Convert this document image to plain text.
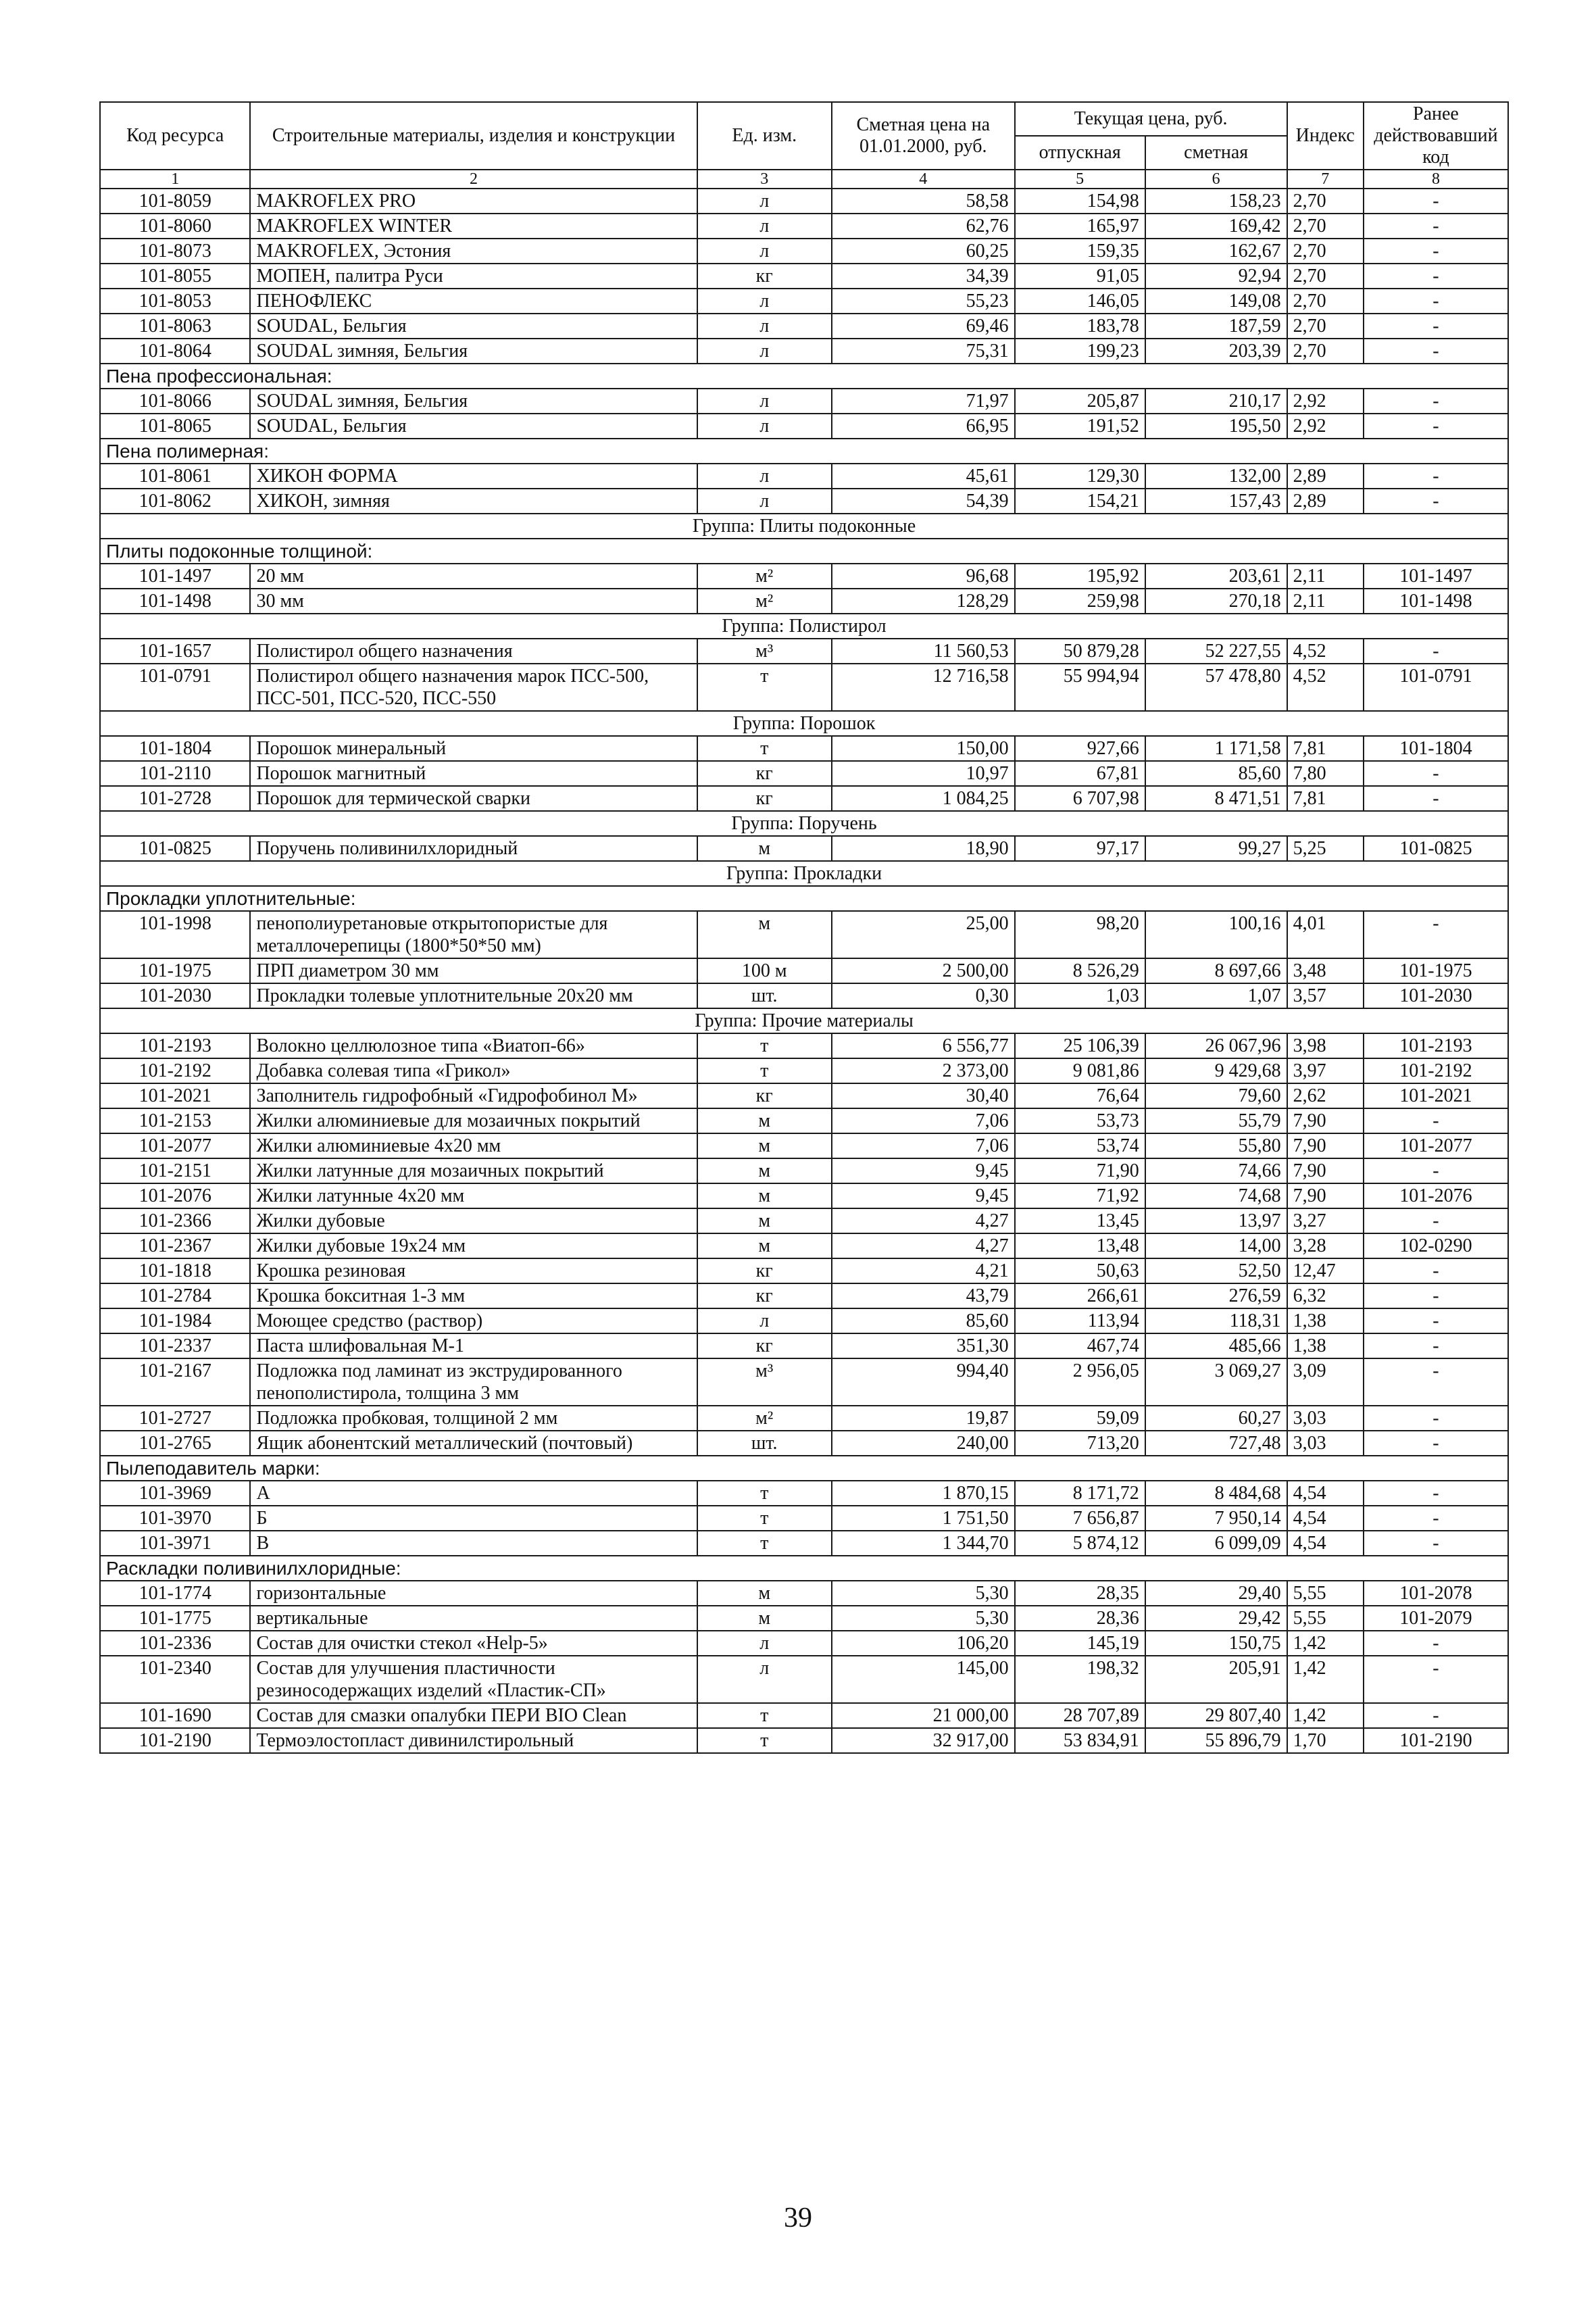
Код ресурса	Строительные материалы, изделия и конструкции	Ед. изм.	Сметная цена на 01.01.2000, руб.	Текущая цена, руб.		Индекс	Ранее действовавший код
				отпускная	сметная		
1	2	3	4	5	6	7	8
101-8059	MAKROFLEX PRO	л	58,58	154,98	158,23	2,70	-
101-8060	MAKROFLEX WINTER	л	62,76	165,97	169,42	2,70	-
101-8073	MAKROFLEX, Эстония	л	60,25	159,35	162,67	2,70	-
101-8055	МОПЕН, палитра Руси	кг	34,39	91,05	92,94	2,70	-
101-8053	ПЕНОФЛЕКС	л	55,23	146,05	149,08	2,70	-
101-8063	SOUDAL, Бельгия	л	69,46	183,78	187,59	2,70	-
101-8064	SOUDAL зимняя, Бельгия	л	75,31	199,23	203,39	2,70	-
Пена профессиональная:							
101-8066	SOUDAL зимняя, Бельгия	л	71,97	205,87	210,17	2,92	-
101-8065	SOUDAL, Бельгия	л	66,95	191,52	195,50	2,92	-
Пена полимерная:							
101-8061	ХИКОН ФОРМА	л	45,61	129,30	132,00	2,89	-
101-8062	ХИКОН, зимняя	л	54,39	154,21	157,43	2,89	-
Группа: Плиты подоконные							
Плиты подоконные толщиной:							
101-1497	20 мм	м²	96,68	195,92	203,61	2,11	101-1497
101-1498	30 мм	м²	128,29	259,98	270,18	2,11	101-1498
Группа: Полистирол							
101-1657	Полистирол общего назначения	м³	11 560,53	50 879,28	52 227,55	4,52	-
101-0791	Полистирол общего назначения марок ПСС-500, ПСС-501, ПСС-520, ПСС-550	т	12 716,58	55 994,94	57 478,80	4,52	101-0791
Группа: Порошок							
101-1804	Порошок минеральный	т	150,00	927,66	1 171,58	7,81	101-1804
101-2110	Порошок магнитный	кг	10,97	67,81	85,60	7,80	-
101-2728	Порошок для термической сварки	кг	1 084,25	6 707,98	8 471,51	7,81	-
Группа: Поручень							
101-0825	Поручень поливинилхлоридный	м	18,90	97,17	99,27	5,25	101-0825
Группа: Прокладки							
Прокладки уплотнительные:							
101-1998	пенополиуретановые открытопористые для металлочерепицы (1800*50*50 мм)	м	25,00	98,20	100,16	4,01	-
101-1975	ПРП диаметром 30 мм	100 м	2 500,00	8 526,29	8 697,66	3,48	101-1975
101-2030	Прокладки толевые уплотнительные 20х20 мм	шт.	0,30	1,03	1,07	3,57	101-2030
Группа: Прочие материалы							
101-2193	Волокно целлюлозное типа «Виатоп-66»	т	6 556,77	25 106,39	26 067,96	3,98	101-2193
101-2192	Добавка солевая типа «Грикол»	т	2 373,00	9 081,86	9 429,68	3,97	101-2192
101-2021	Заполнитель гидрофобный «Гидрофобинол М»	кг	30,40	76,64	79,60	2,62	101-2021
101-2153	Жилки алюминиевые для мозаичных покрытий	м	7,06	53,73	55,79	7,90	-
101-2077	Жилки алюминиевые 4х20 мм	м	7,06	53,74	55,80	7,90	101-2077
101-2151	Жилки латунные для мозаичных покрытий	м	9,45	71,90	74,66	7,90	-
101-2076	Жилки латунные 4х20 мм	м	9,45	71,92	74,68	7,90	101-2076
101-2366	Жилки дубовые	м	4,27	13,45	13,97	3,27	-
101-2367	Жилки дубовые 19х24 мм	м	4,27	13,48	14,00	3,28	102-0290
101-1818	Крошка резиновая	кг	4,21	50,63	52,50	12,47	-
101-2784	Крошка бокситная 1-3 мм	кг	43,79	266,61	276,59	6,32	-
101-1984	Моющее средство (раствор)	л	85,60	113,94	118,31	1,38	-
101-2337	Паста шлифовальная М-1	кг	351,30	467,74	485,66	1,38	-
101-2167	Подложка под ламинат из экструдированного пенополистирола, толщина 3 мм	м³	994,40	2 956,05	3 069,27	3,09	-
101-2727	Подложка пробковая, толщиной 2 мм	м²	19,87	59,09	60,27	3,03	-
101-2765	Ящик абонентский металлический (почтовый)	шт.	240,00	713,20	727,48	3,03	-
Пылеподавитель марки:							
101-3969	А	т	1 870,15	8 171,72	8 484,68	4,54	-
101-3970	Б	т	1 751,50	7 656,87	7 950,14	4,54	-
101-3971	В	т	1 344,70	5 874,12	6 099,09	4,54	-
Раскладки поливинилхлоридные:							
101-1774	горизонтальные	м	5,30	28,35	29,40	5,55	101-2078
101-1775	вертикальные	м	5,30	28,36	29,42	5,55	101-2079
101-2336	Состав для очистки стекол «Help-5»	л	106,20	145,19	150,75	1,42	-
101-2340	Состав для улучшения пластичности резиносодержащих изделий «Пластик-СП»	л	145,00	198,32	205,91	1,42	-
101-1690	Состав для смазки опалубки ПЕРИ BIO Clean	т	21 000,00	28 707,89	29 807,40	1,42	-
101-2190	Термоэлостопласт дивинилстирольный	т	32 917,00	53 834,91	55 896,79	1,70	101-2190
39
